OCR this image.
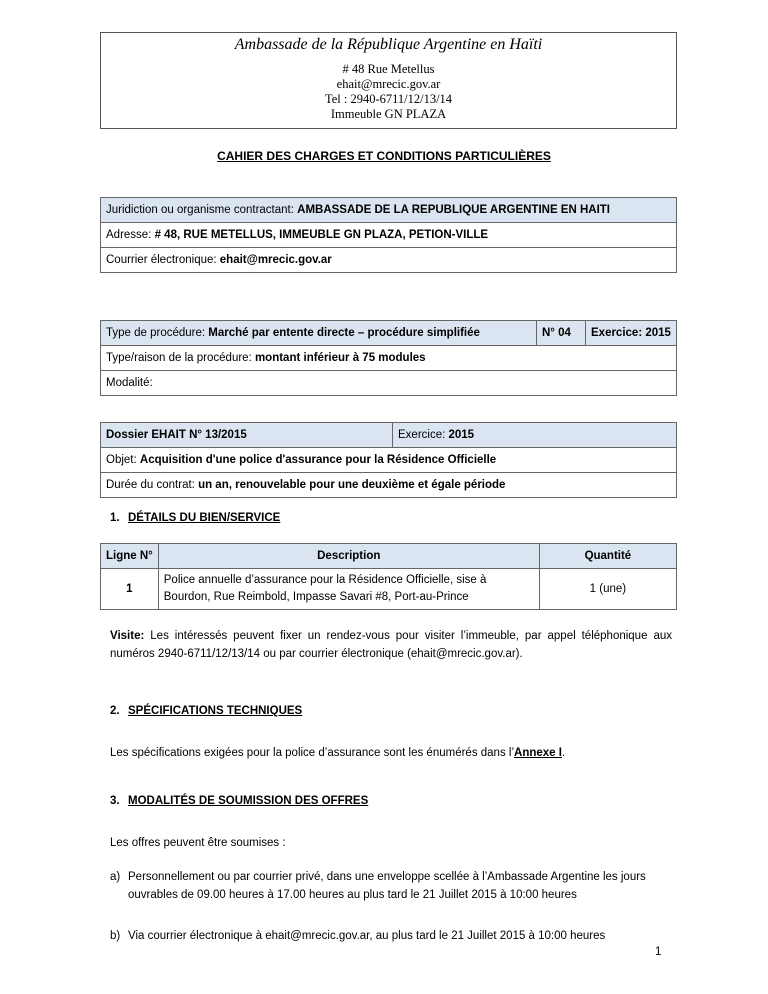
Ambassade de la République Argentine en Haïti
# 48 Rue Metellus
ehait@mrecic.gov.ar
Tel : 2940-6711/12/13/14
Immeuble GN PLAZA
CAHIER DES CHARGES ET CONDITIONS PARTICULIÈRES
Juridiction ou organisme contractant: AMBASSADE DE LA REPUBLIQUE ARGENTINE EN HAITI
Adresse: # 48, RUE METELLUS, IMMEUBLE GN PLAZA, PETION-VILLE
Courrier électronique: ehait@mrecic.gov.ar
Type de procédure: Marché par entente directe – procédure simplifiée	N° 04	Exercice: 2015
Type/raison de la procédure: montant inférieur à 75 modules
Modalité:
Dossier EHAIT N° 13/2015	Exercice: 2015
Objet: Acquisition d'une police d'assurance pour la Résidence Officielle
Durée du contrat: un an, renouvelable pour une deuxième et égale période
1. DÉTAILS DU BIEN/SERVICE
Ligne N°	Description	Quantité
1	Police annuelle d’assurance pour la Résidence Officielle, sise à
Bourdon, Rue Reimbold, Impasse Savari #8, Port-au-Prince	1 (une)
Visite: Les intéressés peuvent fixer un rendez-vous pour visiter l’immeuble, par appel téléphonique aux numéros 2940-6711/12/13/14 ou par courrier électronique (ehait@mrecic.gov.ar).
2. SPÉCIFICATIONS TECHNIQUES
Les spécifications exigées pour la police d’assurance sont les énumérés dans l’Annexe I.
3. MODALITÉS DE SOUMISSION DES OFFRES
Les offres peuvent être soumises :
a) Personnellement ou par courrier privé, dans une enveloppe scellée à l’Ambassade Argentine les jours ouvrables de 09.00 heures à 17.00 heures au plus tard le 21 Juillet 2015 à 10:00 heures
b) Via courrier électronique à ehait@mrecic.gov.ar, au plus tard le 21 Juillet 2015 à 10:00 heures
1
